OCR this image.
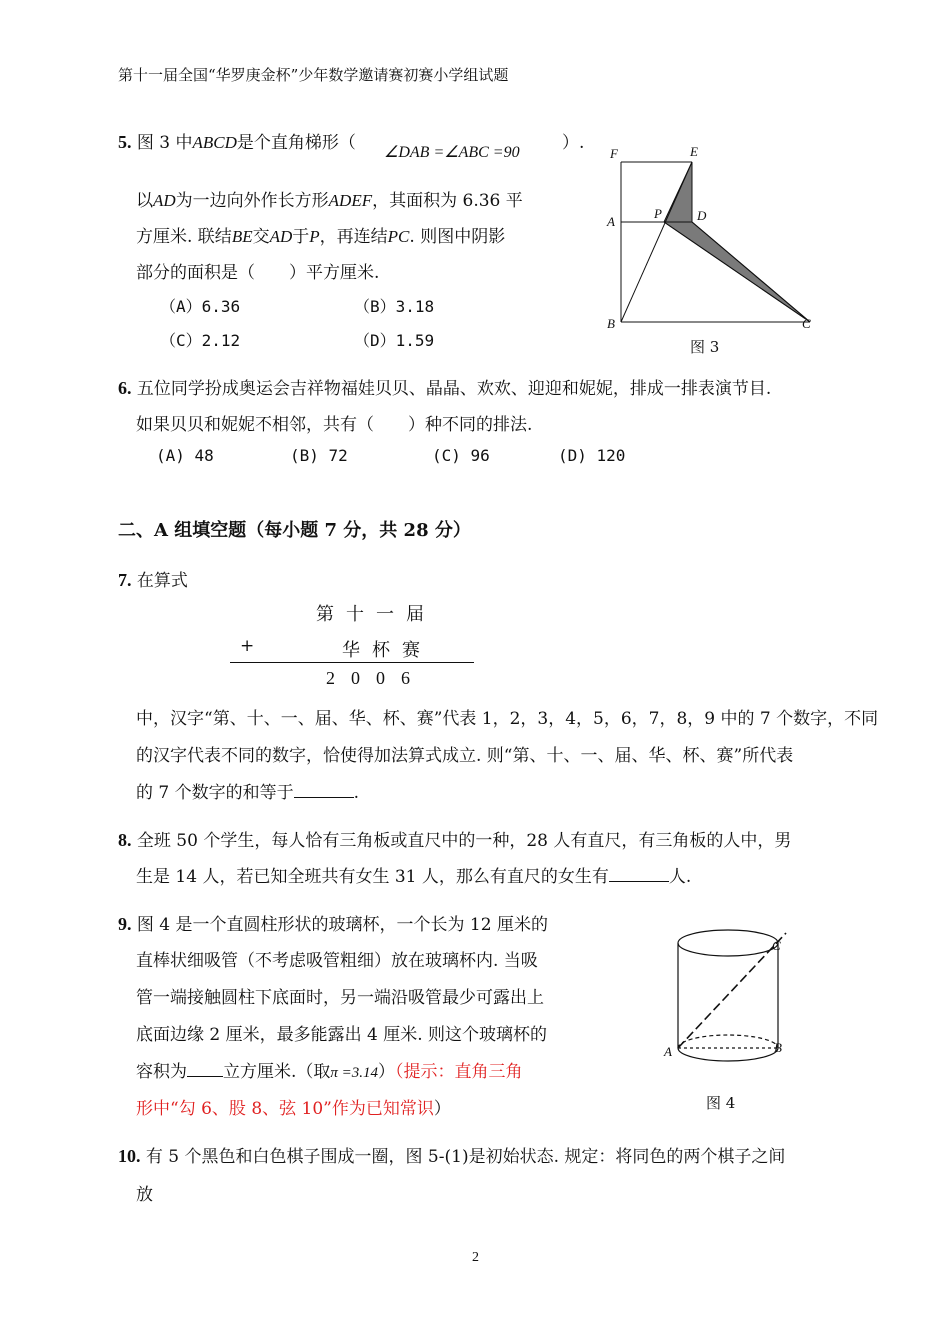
第十一届全国“华罗庚金杯”少年数学邀请赛初赛小学组试题
5. 图 3 中ABCD是个直角梯形（ ∠DAB =∠ABC =90 ）.
以AD为一边向外作长方形ADEF，其面积为 6.36 平
方厘米. 联结BE交AD于P，再连结PC. 则图中阴影
部分的面积是（　　）平方厘米.
（A）6.36	（B）3.18
（C）2.12	（D）1.59
F	E
A
P	D
B	C
图 3
6. 五位同学扮成奥运会吉祥物福娃贝贝、晶晶、欢欢、迎迎和妮妮，排成一排表演节目.
如果贝贝和妮妮不相邻，共有（　　）种不同的排法.
(A) 48	(B) 72	(C) 96	(D) 120
二、A 组填空题（每小题 7 分，共 28 分）
7. 在算式
第十一届
+	华杯赛
2006
中，汉字“第、十、一、届、华、杯、赛”代表 1，2，3，4，5，6，7，8，9 中的 7 个数字，不同
的汉字代表不同的数字，恰使得加法算式成立. 则“第、十、一、届、华、杯、赛”所代表
的 7 个数字的和等于	.
8. 全班 50 个学生，每人恰有三角板或直尺中的一种，28 人有直尺，有三角板的人中，男
生是 14 人，若已知全班共有女生 31 人，那么有直尺的女生有	人.
9. 图 4 是一个直圆柱形状的玻璃杯，一个长为 12 厘米的
直棒状细吸管（不考虑吸管粗细）放在玻璃杯内. 当吸
管一端接触圆柱下底面时，另一端沿吸管最少可露出上
底面边缘 2 厘米，最多能露出 4 厘米. 则这个玻璃杯的
容积为 立方厘米.（取π =3.14）（提示：直角三角
形中“勾 6、股 8、弦 10”作为已知常识）
C
A	B
图 4
10. 有 5 个黑色和白色棋子围成一圈，图 5-(1)是初始状态. 规定：将同色的两个棋子之间
放
2
